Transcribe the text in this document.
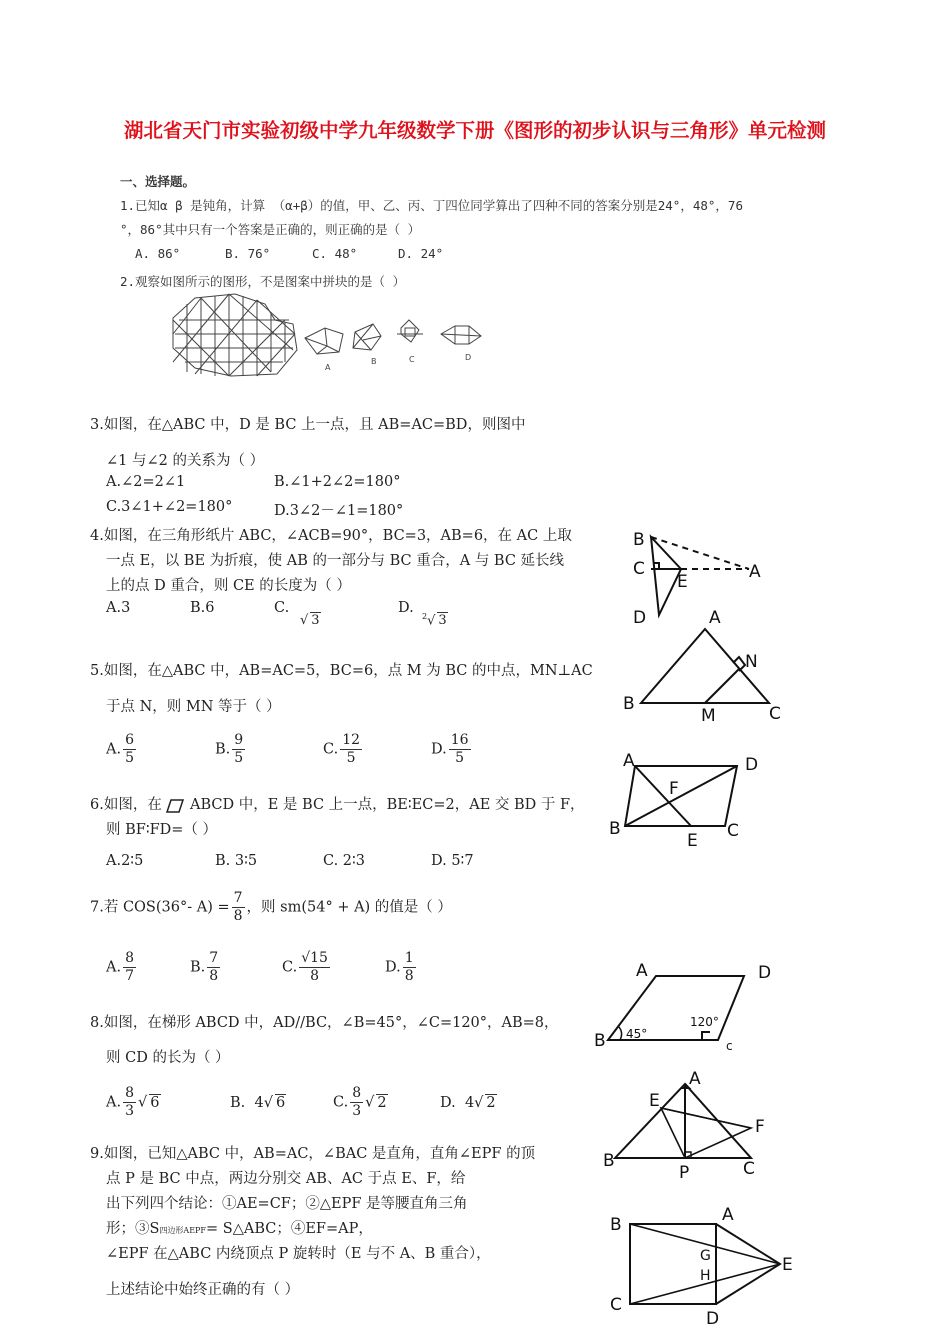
湖北省天门市实验初级中学九年级数学下册《图形的初步认识与三角形》单元检测
一、选择题。
1.已知α β 是钝角，计算 （α+β）的值，甲、乙、丙、丁四位同学算出了四种不同的答案分别是24°，48°，76
°，86°其中只有一个答案是正确的，则正确的是（ ）
A. 86°	B. 76°	C. 48°	D. 24°
2.观察如图所示的图形，不是图案中拼块的是（ ）
A
B	C	D
3.如图，在△ABC 中，D 是 BC 上一点，且 AB=AC=BD，则图中
∠1 与∠2 的关系为（ ）
A.∠2=2∠1	B.∠1+2∠2=180°
C.3∠1+∠2=180°	D.3∠2－∠1=180°
4.如图，在三角形纸片 ABC，∠ACB=90°，BC=3，AB=6，在 AC 上取
一点 E，以 BE 为折痕，使 AB 的一部分与 BC 重合，A 与 BC 延长线
上的点 D 重合，则 CE 的长度为（ ）
A.3	B.6	C.
√ 3
D.
$^2$√ 3
B
C
E
D
A
5.如图，在△ABC 中，AB=AC=5，BC=6，点 M 为 BC 的中点，MN⊥AC
于点 N，则 MN 等于（ ）
A. $\frac{6}{5}$	B. $\frac{9}{5}$	C. $\frac{12}{5}$	D. $\frac{16}{5}$
A
N
B
M	C
6.如图，在 ABCD 中，E 是 BC 上一点，BE∶EC=2，AE 交 BD 于 F，
则 BF∶FD=（ ）
A.2∶5	B. 3∶5	C. 2∶3	D. 5∶7
A	D
F
B
E C
7.若 COS(36°- $A) = \frac{7}{8}$ ，则 sm(54° + A) 的值是（ ）
A. $\frac{8}{7}$	B. $\frac{7}{8}$	C. $\frac{√15}{8}$	D. $\frac{1}{8}$	A	D
B	c
45°
120°
8.如图，在梯形 ABCD 中，AD//BC，∠B=45°，∠C=120°，AB=8，
则 CD 的长为（ ）
A. $\frac{8}{3}$ √ 6	B. 4√ 6	C. $\frac{8}{3}$ √ 2	D. 4√ 2
A
E
F
B
P	C
9.如图，已知△ABC 中，AB=AC，∠BAC 是直角，直角∠EPF 的顶
点 P 是 BC 中点，两边分别交 AB、AC 于点 E、F，给
出下列四个结论：①AE=CF；②△EPF 是等腰直角三角
形；③S四边形AEPF= S△ABC；④EF=AP，
∠EPF 在△ABC 内绕顶点 P 旋转时（E 与不 A、B 重合），
上述结论中始终正确的有（ ）
B	A
G
H
E
C
D
